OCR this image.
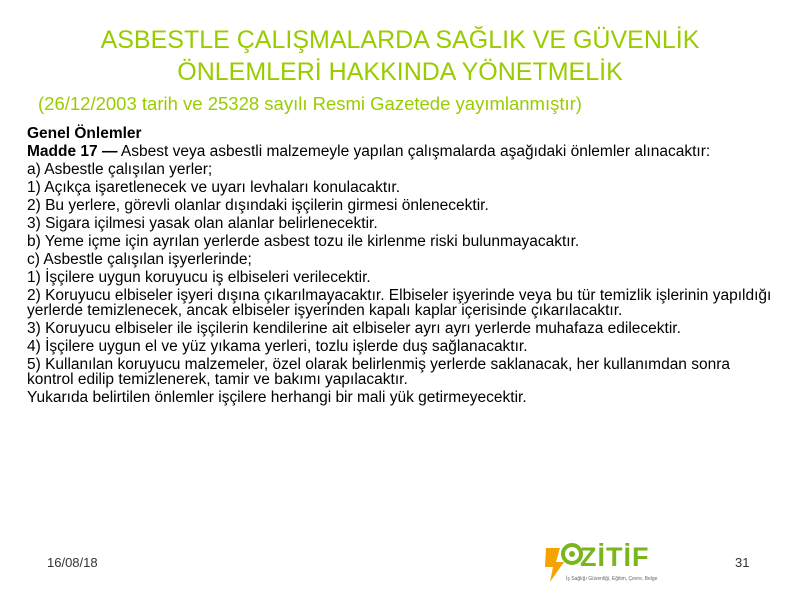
ASBESTLE ÇALIŞMALARDA SAĞLIK VE GÜVENLİK
ÖNLEMLERİ HAKKINDA YÖNETMELİK
(26/12/2003 tarih ve 25328 sayılı Resmi Gazetede yayımlanmıştır)

Genel Önlemler

Madde 17 — Asbest veya asbestli malzemeyle yapılan çalışmalarda aşağıdaki önlemler alınacaktır:

a) Asbestle çalışılan yerler;

1) Açıkça işaretlenecek ve uyarı levhaları konulacaktır.

2) Bu yerlere, görevli olanlar dışındaki işçilerin girmesi önlenecektir.

3) Sigara içilmesi yasak olan alanlar belirlenecektir.

b) Yeme içme için ayrılan yerlerde asbest tozu ile kirlenme riski bulunmayacaktır.

c) Asbestle çalışılan işyerlerinde;

1) İşçilere uygun koruyucu iş elbiseleri verilecektir.

2) Koruyucu elbiseler işyeri dışına çıkarılmayacaktır. Elbiseler işyerinde veya bu tür temizlik işlerinin yapıldığı yerlerde temizlenecek, ancak elbiseler işyerinden kapalı kaplar içerisinde çıkarılacaktır.

3) Koruyucu elbiseler ile işçilerin kendilerine ait elbiseler ayrı ayrı yerlerde muhafaza edilecektir.

4) İşçilere uygun el ve yüz yıkama yerleri, tozlu işlerde duş sağlanacaktır.

5) Kullanılan koruyucu malzemeler, özel olarak belirlenmiş yerlerde saklanacak, her kullanımdan sonra kontrol edilip temizlenerek, tamir ve bakımı yapılacaktır.

Yukarıda belirtilen önlemler işçilere herhangi bir mali yük getirmeyecektir.

16/08/18	ZİTİF
İş Sağlığı Güvenliği, Eğitim, Çevre, Belge
31
